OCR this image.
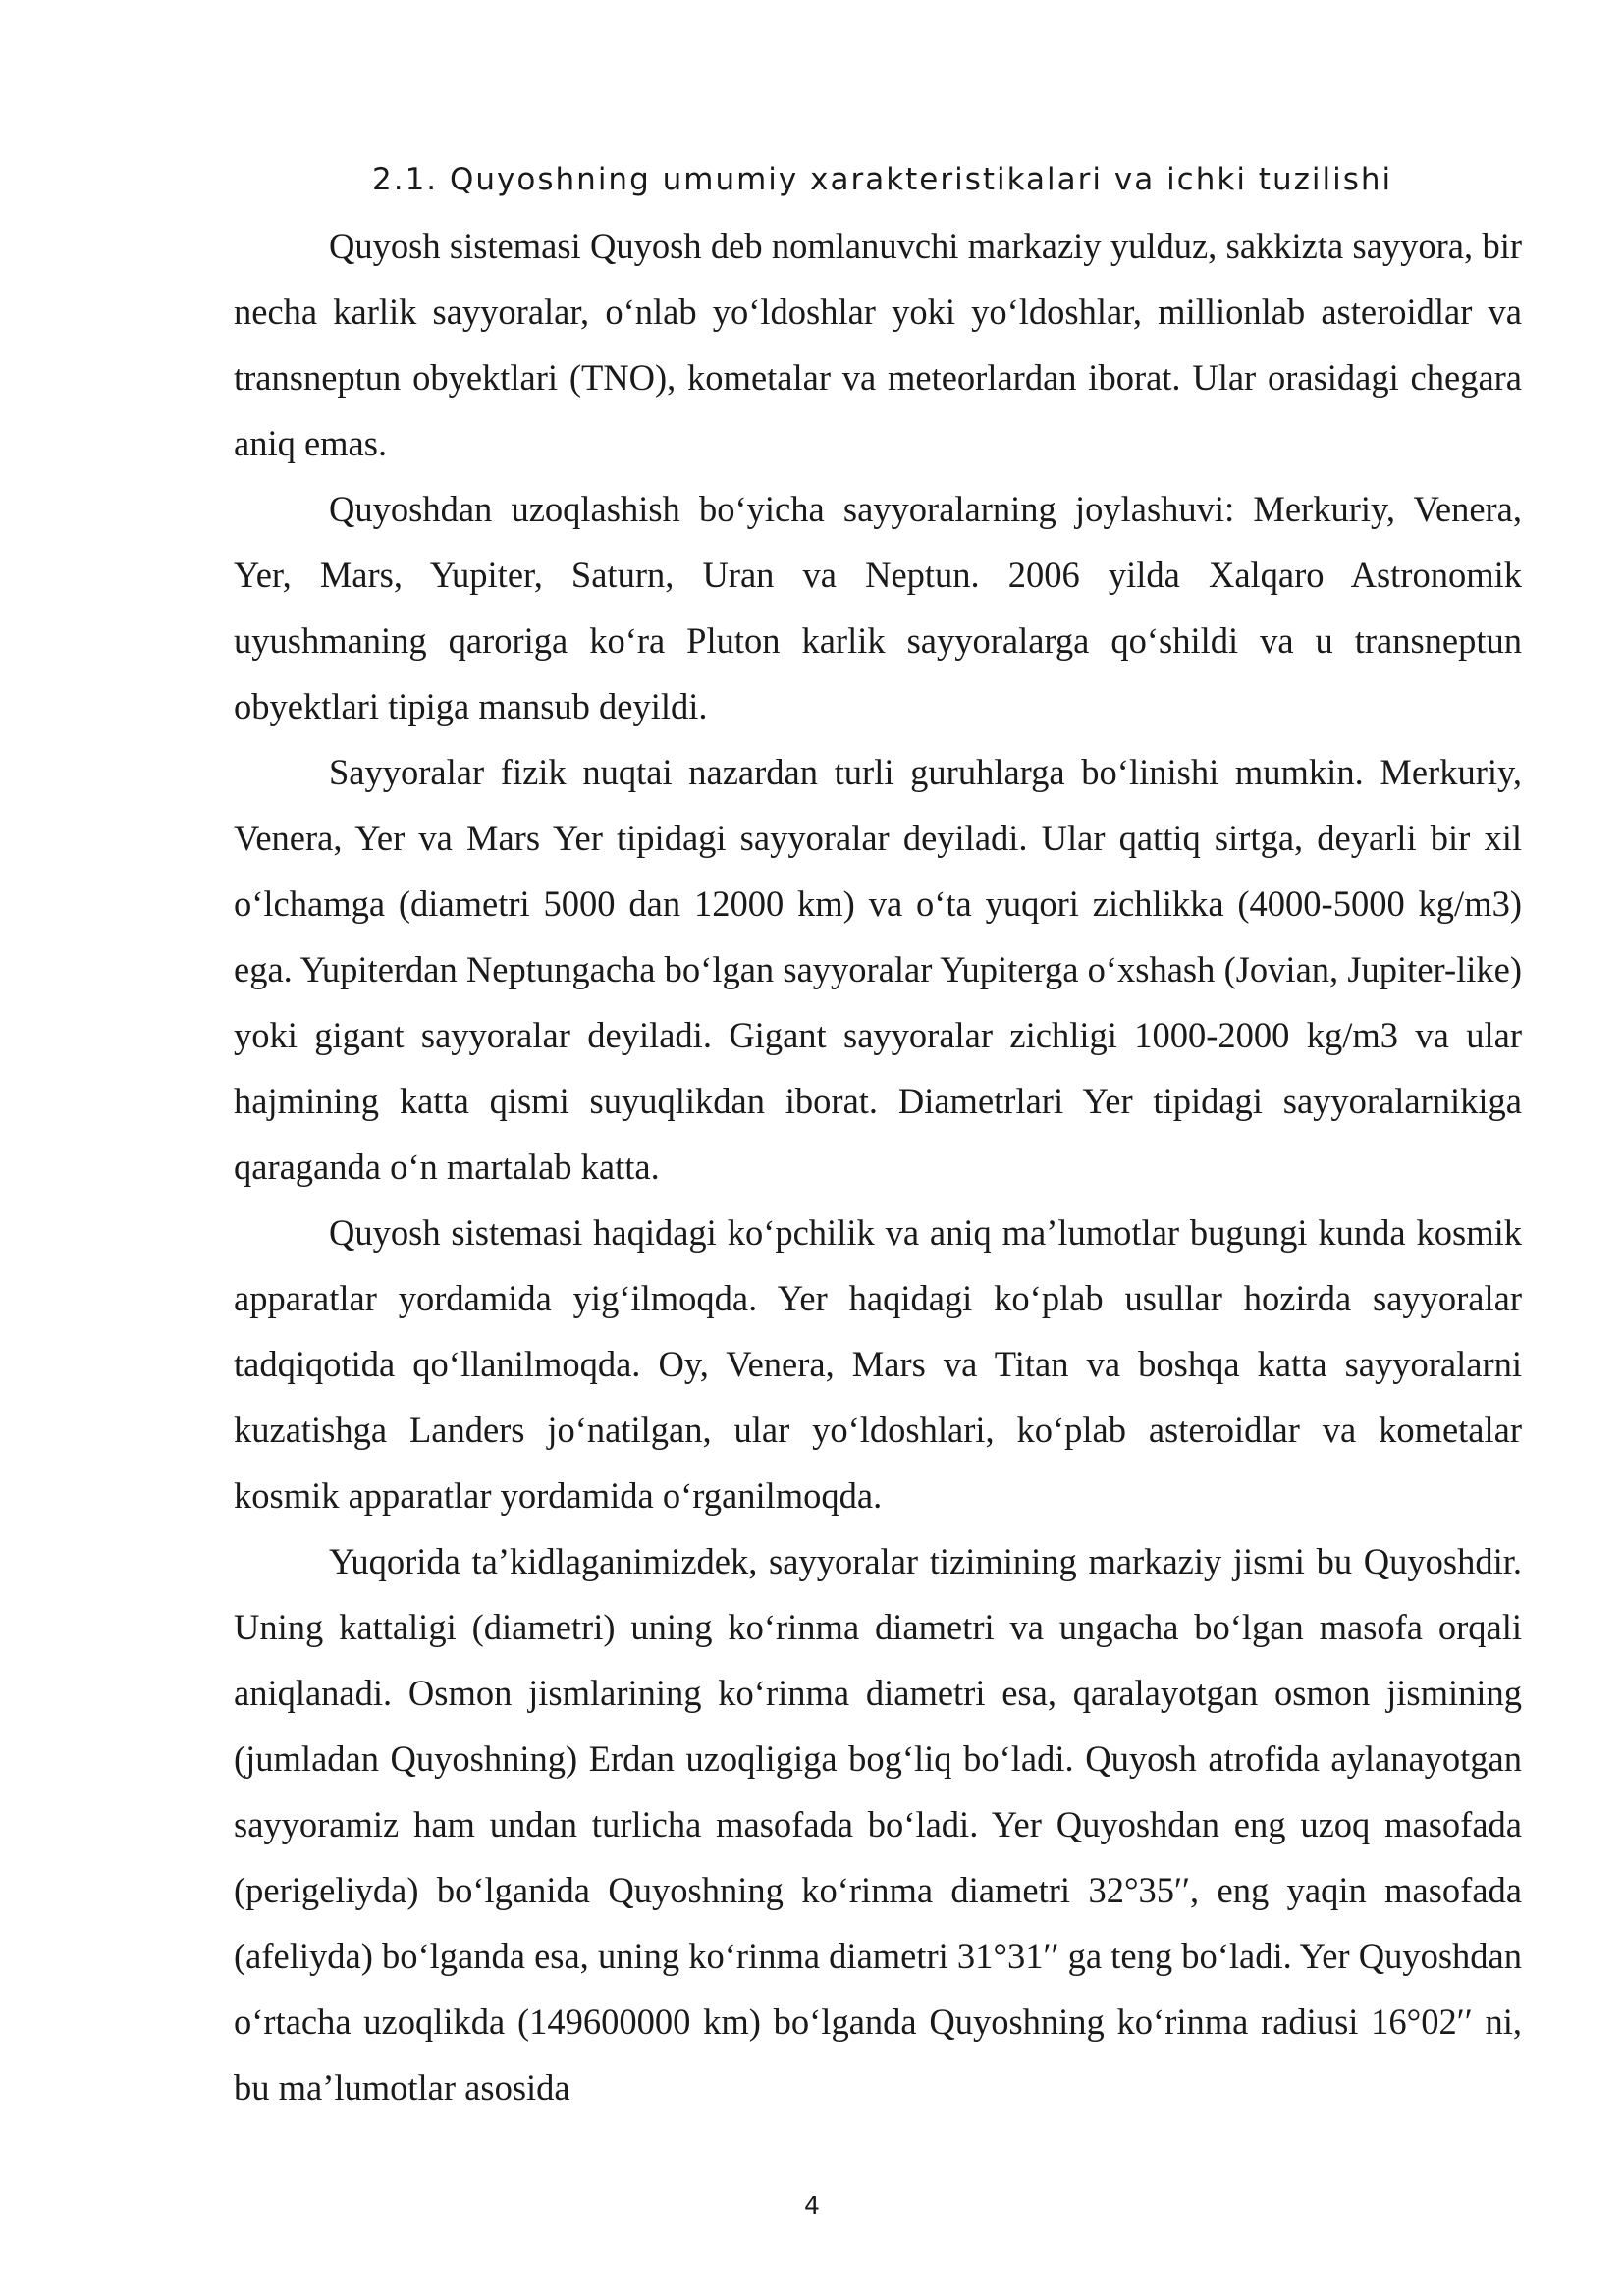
2.1. Quyoshning umumiy xarakteristikalari va ichki tuzilishi

Quyosh sistemasi Quyosh deb nomlanuvchi markaziy yulduz, sakkizta sayyora, bir necha karlik sayyoralar, o‘nlab yo‘ldoshlar yoki yo‘ldoshlar, millionlab asteroidlar va transneptun obyektlari (TNO), kometalar va meteorlardan iborat. Ular orasidagi chegara aniq emas.

Quyoshdan uzoqlashish bo‘yicha sayyoralarning joylashuvi: Merkuriy, Venera, Yer, Mars, Yupiter, Saturn, Uran va Neptun. 2006 yilda Xalqaro Astronomik uyushmaning qaroriga ko‘ra Pluton karlik sayyoralarga qo‘shildi va u transneptun obyektlari tipiga mansub deyildi.

Sayyoralar fizik nuqtai nazardan turli guruhlarga bo‘linishi mumkin. Merkuriy, Venera, Yer va Mars Yer tipidagi sayyoralar deyiladi. Ular qattiq sirtga, deyarli bir xil o‘lchamga (diametri 5000 dan 12000 km) va o‘ta yuqori zichlikka (4000-5000 kg/m3) ega. Yupiterdan Neptungacha bo‘lgan sayyoralar Yupiterga o‘xshash (Jovian, Jupiter-like) yoki gigant sayyoralar deyiladi. Gigant sayyoralar zichligi 1000-2000 kg/m3 va ular hajmining katta qismi suyuqlikdan iborat. Diametrlari Yer tipidagi sayyoralarnikiga qaraganda o‘n martalab katta.

Quyosh sistemasi haqidagi ko‘pchilik va aniq ma’lumotlar bugungi kunda kosmik apparatlar yordamida yig‘ilmoqda. Yer haqidagi ko‘plab usullar hozirda sayyoralar tadqiqotida qo‘llanilmoqda. Oy, Venera, Mars va Titan va boshqa katta sayyoralarni kuzatishga Landers jo‘natilgan, ular yo‘ldoshlari, ko‘plab asteroidlar va kometalar kosmik apparatlar yordamida o‘rganilmoqda.

Yuqorida ta’kidlaganimizdek, sayyoralar tizimining markaziy jismi bu Quyoshdir. Uning kattaligi (diametri) uning ko‘rinma diametri va ungacha bo‘lgan masofa orqali aniqlanadi. Osmon jismlarining ko‘rinma diametri esa, qaralayotgan osmon jismining (jumladan Quyoshning) Erdan uzoqligiga bog‘liq bo‘ladi. Quyosh atrofida aylanayotgan sayyoramiz ham undan turlicha masofada bo‘ladi. Yer Quyoshdan eng uzoq masofada (perigeliyda) bo‘lganida Quyoshning ko‘rinma diametri 32°35′′, eng yaqin masofada (afeliyda) bo‘lganda esa, uning ko‘rinma diametri 31°31′′ ga teng bo‘ladi. Yer Quyoshdan o‘rtacha uzoqlikda (149600000 km) bo‘lganda Quyoshning ko‘rinma radiusi 16°02′′ ni, bu ma’lumotlar asosida

4
